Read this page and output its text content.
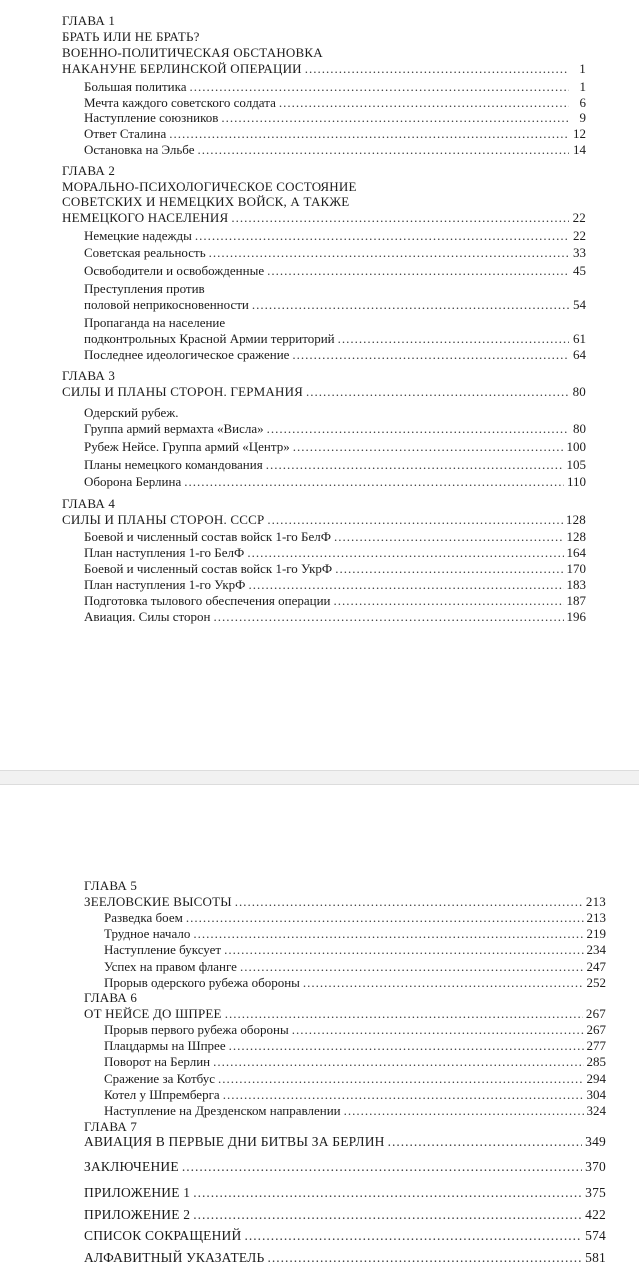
ГЛАВА 1
БРАТЬ ИЛИ НЕ БРАТЬ?
ВОЕННО-ПОЛИТИЧЕСКАЯ ОБСТАНОВКА
НАКАНУНЕ БЕРЛИНСКОЙ ОПЕРАЦИИ .....	1
Большая политика .....	1
Мечта каждого советского солдата .....	6
Наступление союзников .....	9
Ответ Сталина .....	12
Остановка на Эльбе .....	14
ГЛАВА 2
МОРАЛЬНО-ПСИХОЛОГИЧЕСКОЕ СОСТОЯНИЕ
СОВЕТСКИХ И НЕМЕЦКИХ ВОЙСК, А ТАКЖЕ
НЕМЕЦКОГО НАСЕЛЕНИЯ .....	22
Немецкие надежды .....	22
Советская реальность .....	33
Освободители и освобожденные .....	45
Преступления против
половой неприкосновенности .....	54
Пропаганда на население
подконтрольных Красной Армии территорий .....	61
Последнее идеологическое сражение .....	64
ГЛАВА 3
СИЛЫ И ПЛАНЫ СТОРОН. ГЕРМАНИЯ .....	80
Одерский рубеж.
Группа армий вермахта «Висла» .....	80
Рубеж Нейсе. Группа армий «Центр» .....	100
Планы немецкого командования .....	105
Оборона Берлина .....	110
ГЛАВА 4
СИЛЫ И ПЛАНЫ СТОРОН. СССР .....	128
Боевой и численный состав войск 1-го БелФ .....	128
План наступления 1-го БелФ .....	164
Боевой и численный состав войск 1-го УкрФ .....	170
План наступления 1-го УкрФ .....	183
Подготовка тылового обеспечения операции .....	187
Авиация. Силы сторон .....	196
ГЛАВА 5
ЗЕЕЛОВСКИЕ ВЫСОТЫ .....	213
Разведка боем .....	213
Трудное начало .....	219
Наступление буксует .....	234
Успех на правом фланге .....	247
Прорыв одерского рубежа обороны .....	252
ГЛАВА 6
ОТ НЕЙСЕ ДО ШПРЕЕ .....	267
Прорыв первого рубежа обороны .....	267
Плацдармы на Шпрее .....	277
Поворот на Берлин .....	285
Сражение за Котбус .....	294
Котел у Шпремберга .....	304
Наступление на Дрезденском направлении .....	324
ГЛАВА 7
АВИАЦИЯ В ПЕРВЫЕ ДНИ БИТВЫ ЗА БЕРЛИН .....	349
ЗАКЛЮЧЕНИЕ .....	370
ПРИЛОЖЕНИЕ 1 .....	375
ПРИЛОЖЕНИЕ 2 .....	422
СПИСОК СОКРАЩЕНИЙ .....	574
АЛФАВИТНЫЙ УКАЗАТЕЛЬ .....	581
